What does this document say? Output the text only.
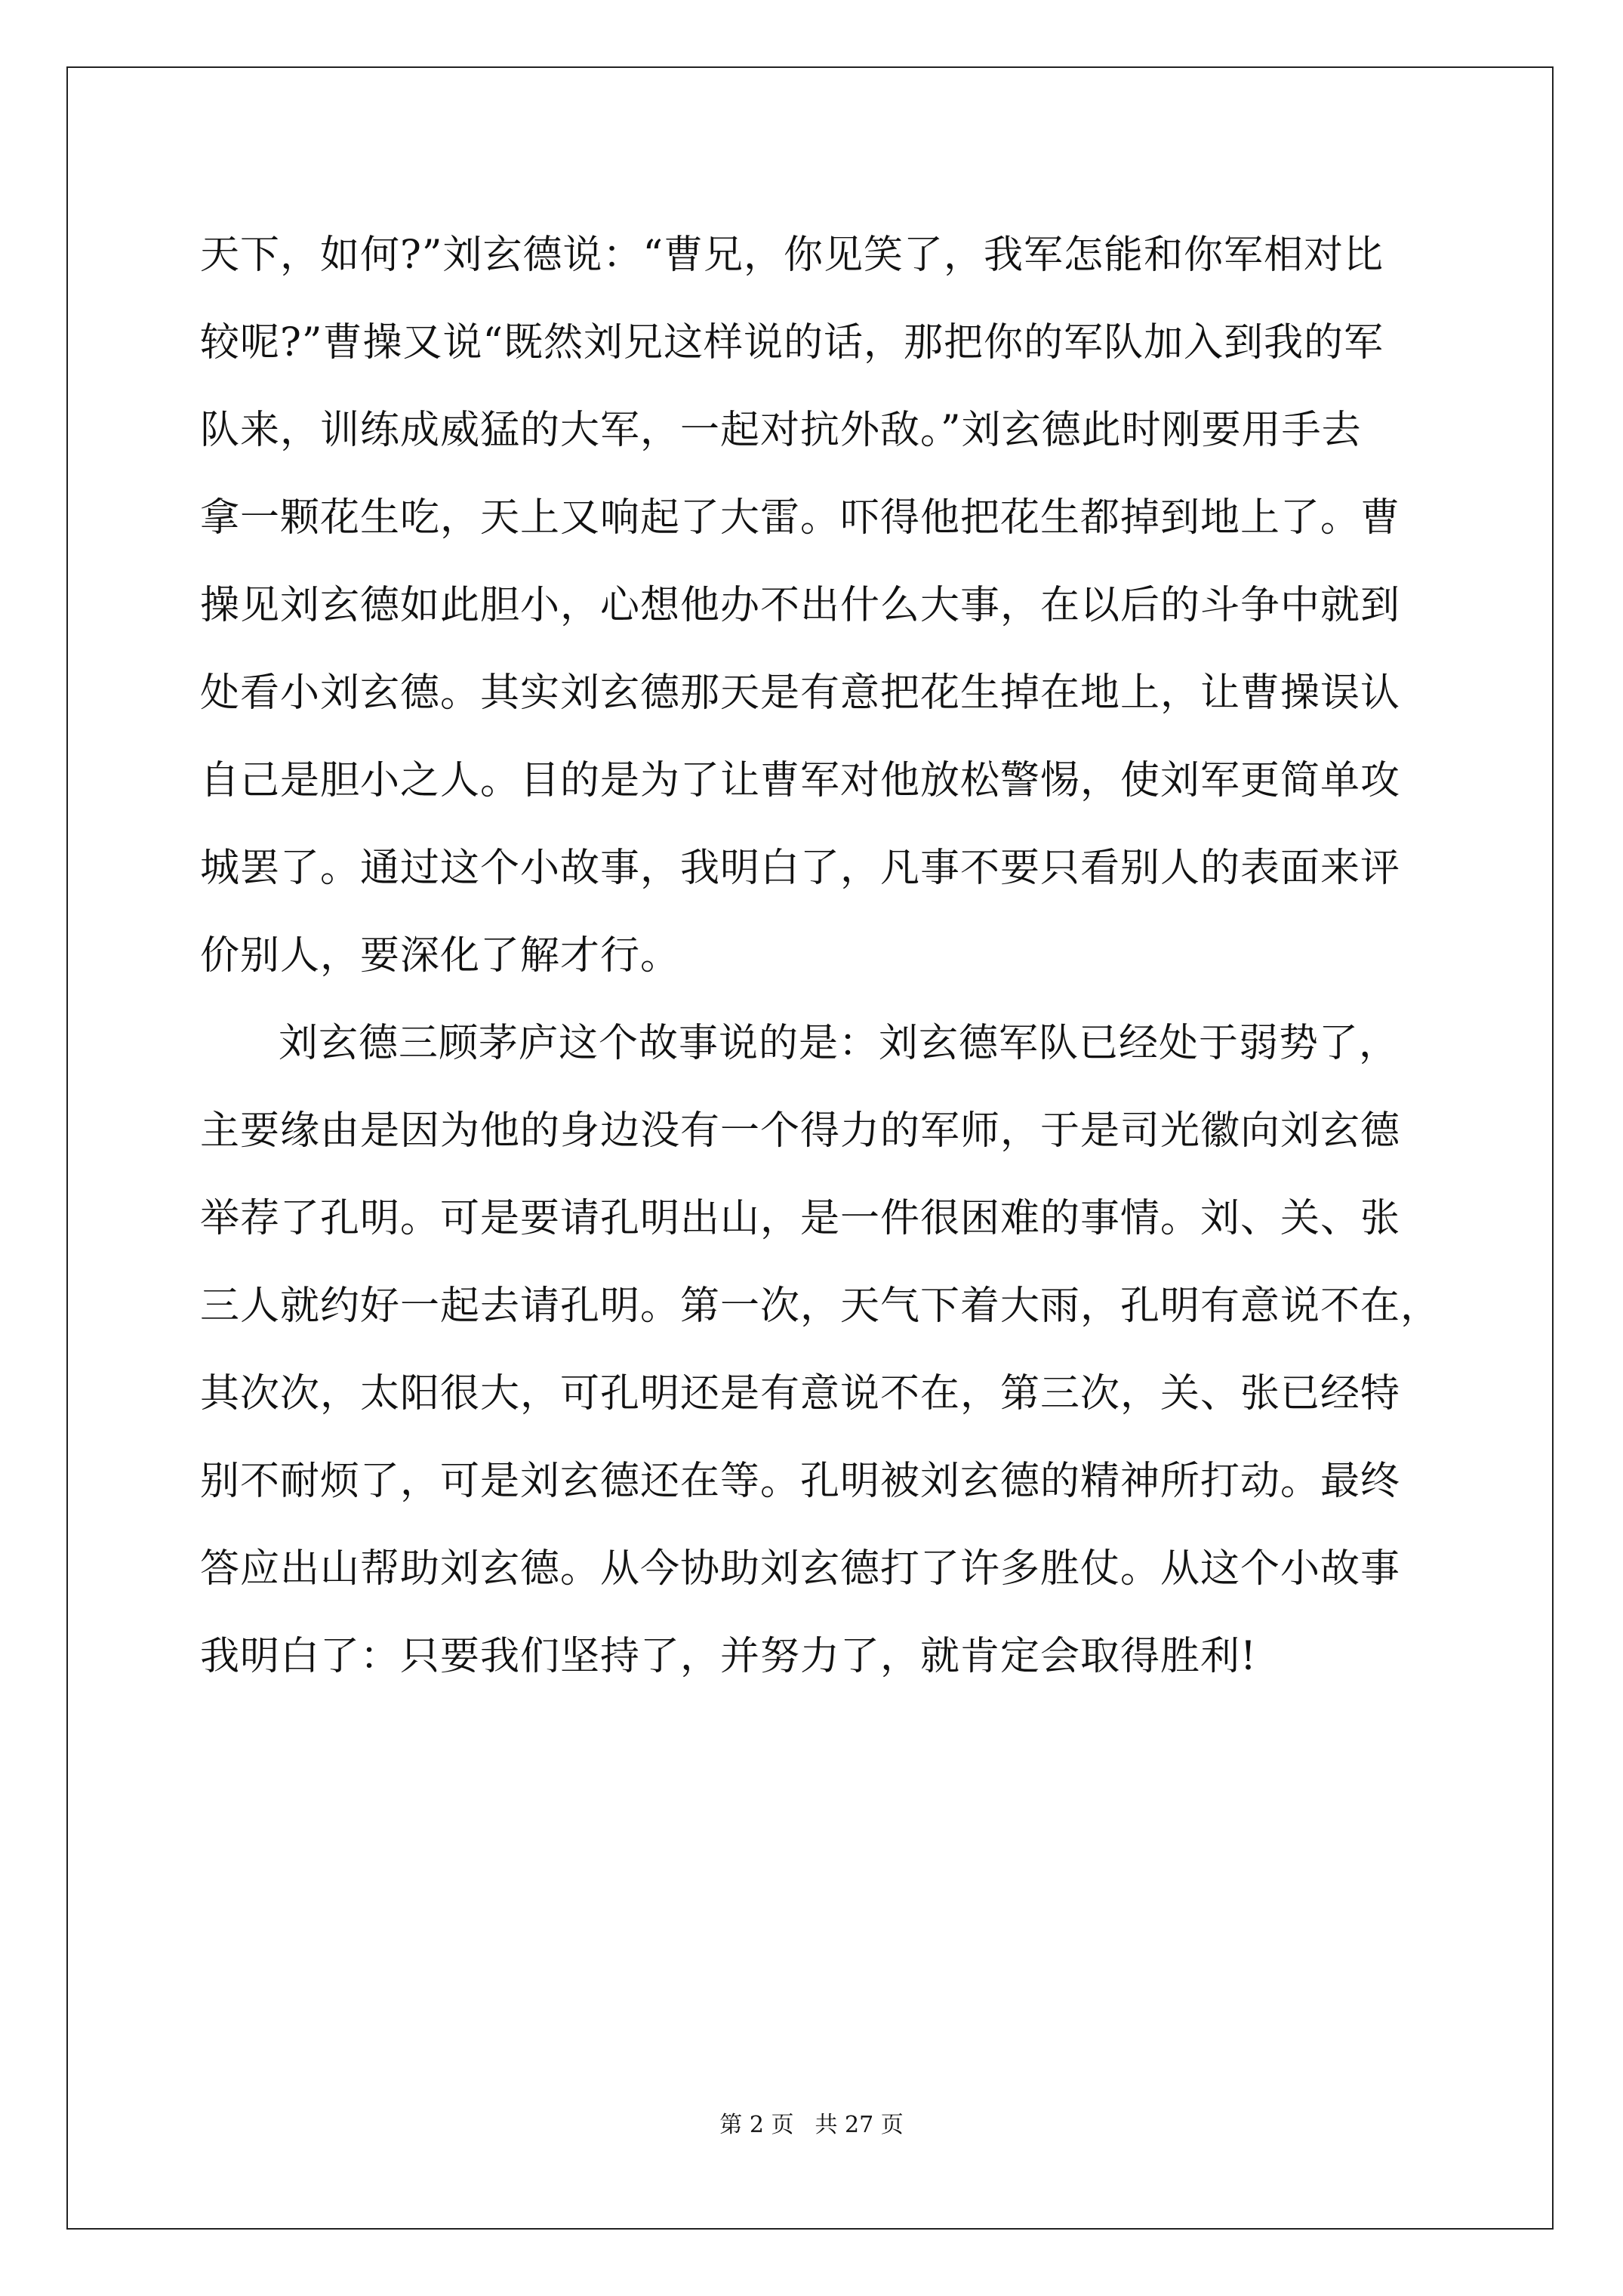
天下，如何?”刘玄德说：“曹兄，你见笑了，我军怎能和你军相对比
较呢?”曹操又说“既然刘兄这样说的话，那把你的军队加入到我的军
队来，训练成威猛的大军，一起对抗外敌。”刘玄德此时刚要用手去
拿一颗花生吃，天上又响起了大雷。吓得他把花生都掉到地上了。曹
操见刘玄德如此胆小，心想他办不出什么大事，在以后的斗争中就到
处看小刘玄德。其实刘玄德那天是有意把花生掉在地上，让曹操误认
自己是胆小之人。目的是为了让曹军对他放松警惕，使刘军更简单攻
城罢了。通过这个小故事，我明白了，凡事不要只看别人的表面来评
价别人，要深化了解才行。
刘玄德三顾茅庐这个故事说的是：刘玄德军队已经处于弱势了，
主要缘由是因为他的身边没有一个得力的军师，于是司光徽向刘玄德
举荐了孔明。可是要请孔明出山，是一件很困难的事情。刘、关、张
三人就约好一起去请孔明。第一次，天气下着大雨，孔明有意说不在，
其次次，太阳很大，可孔明还是有意说不在，第三次，关、张已经特
别不耐烦了，可是刘玄德还在等。孔明被刘玄德的精神所打动。最终
答应出山帮助刘玄德。从今协助刘玄德打了许多胜仗。从这个小故事
我明白了：只要我们坚持了，并努力了，就肯定会取得胜利!
第 2 页 共 27 页
